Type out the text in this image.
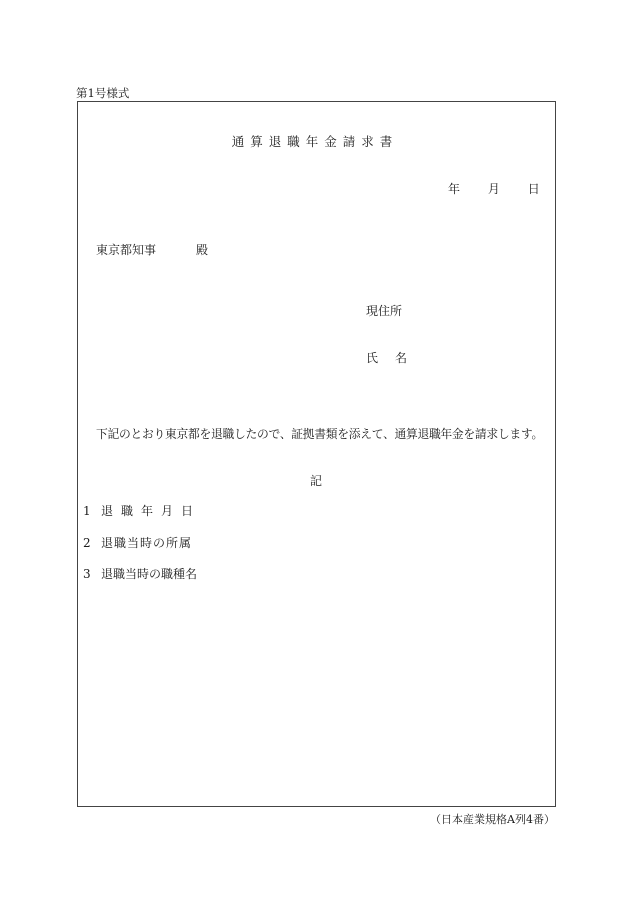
第1号様式
通算退職年金請求書
年 月 日
東京都知事	殿
現住所
氏 名
下記のとおり東京都を退職したので、証拠書類を添えて、通算退職年金を請求します。
記
1 退職年月日
2 退職当時の所属
3 退職当時の職種名
（日本産業規格A列4番）
